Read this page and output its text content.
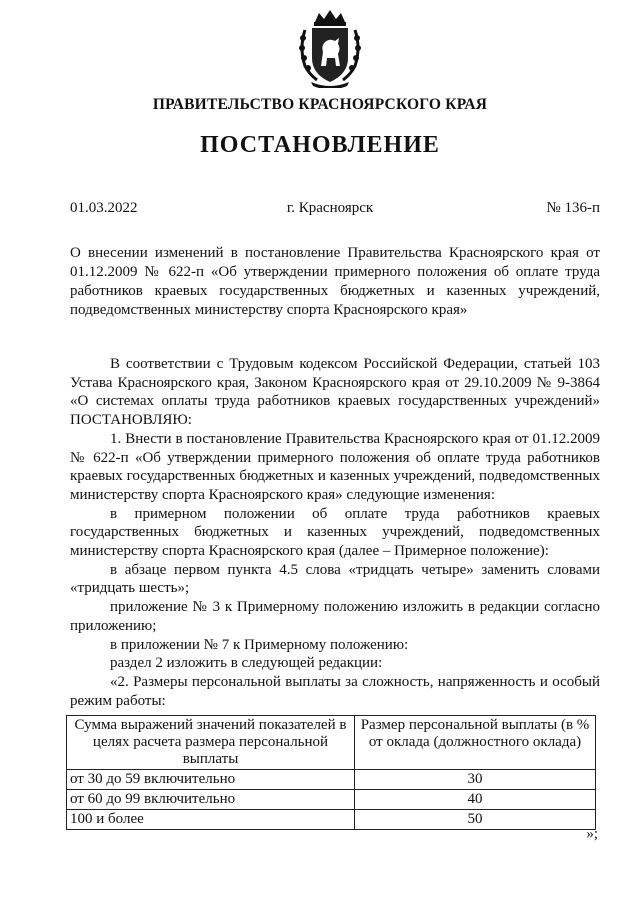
ПРАВИТЕЛЬСТВО КРАСНОЯРСКОГО КРАЯ
ПОСТАНОВЛЕНИЕ
01.03.2022	г. Красноярск	№ 136-п
О внесении изменений в постановление Правительства Красноярского края от 01.12.2009 № 622-п «Об утверждении примерного положения об оплате труда работников краевых государственных бюджетных и казенных учреждений, подведомственных министерству спорта Красноярского края»

В соответствии с Трудовым кодексом Российской Федерации, статьей 103 Устава Красноярского края, Законом Красноярского края от 29.10.2009 № 9-3864 «О системах оплаты труда работников краевых государственных учреждений» ПОСТАНОВЛЯЮ:

1. Внести в постановление Правительства Красноярского края от 01.12.2009 № 622-п «Об утверждении примерного положения об оплате труда работников краевых государственных бюджетных и казенных учреждений, подведомственных министерству спорта Красноярского края» следующие изменения:

в примерном положении об оплате труда работников краевых государственных бюджетных и казенных учреждений, подведомственных министерству спорта Красноярского края (далее – Примерное положение):

в абзаце первом пункта 4.5 слова «тридцать четыре» заменить словами «тридцать шесть»;

приложение № 3 к Примерному положению изложить в редакции согласно приложению;

в приложении № 7 к Примерному положению:

раздел 2 изложить в следующей редакции:

«2. Размеры персональной выплаты за сложность, напряженность и особый режим работы:

Сумма выражений значений показателей в целях расчета размера персональной выплаты	Размер персональной выплаты (в % от оклада (должностного оклада)
от 30 до 59 включительно	30
от 60 до 99 включительно	40
100 и более	50
»;
